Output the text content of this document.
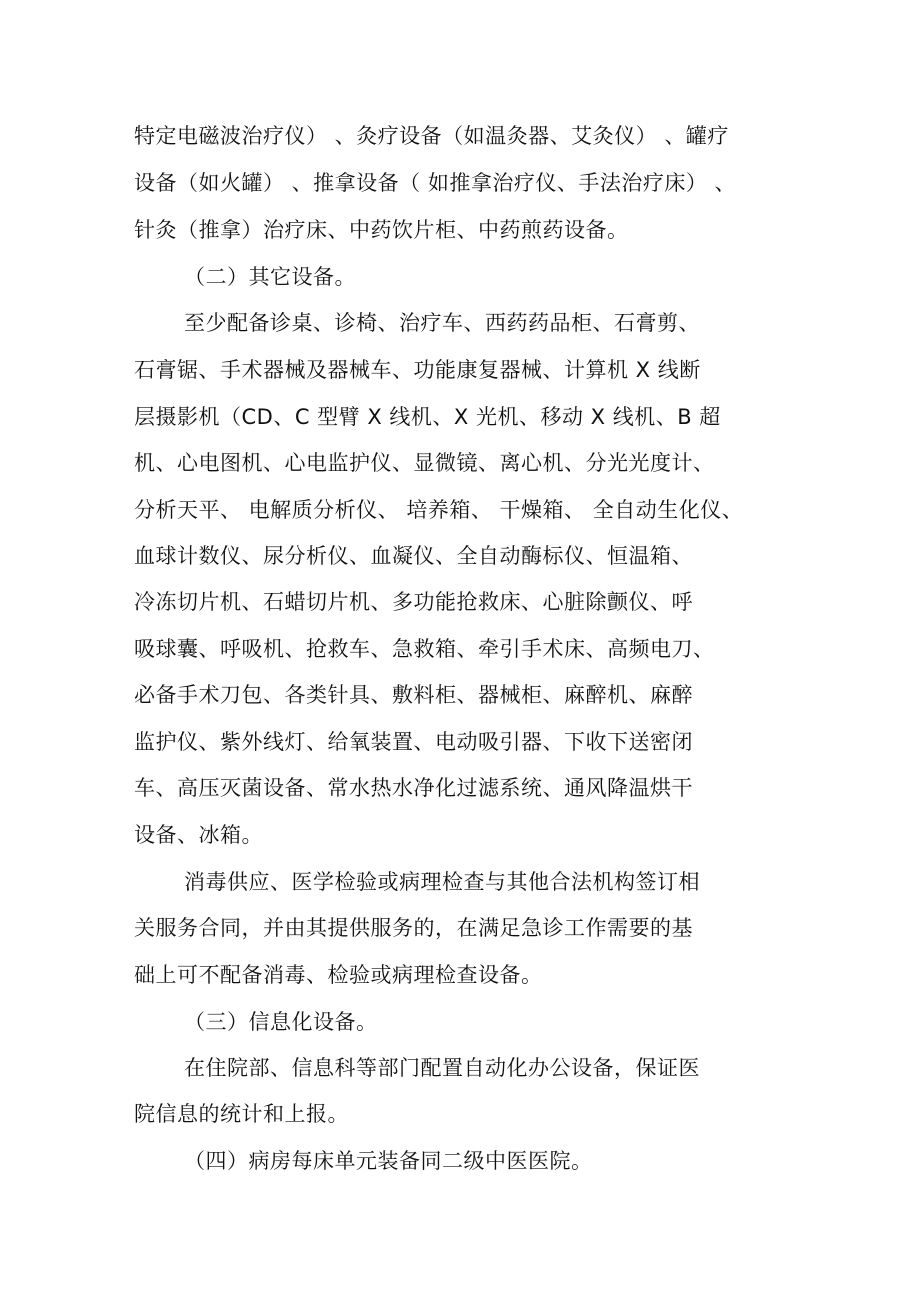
特定电磁波治疗仪） 、灸疗设备（如温灸器、艾灸仪） 、罐疗
设备（如火罐） 、推拿设备（ 如推拿治疗仪、手法治疗床） 、
针灸（推拿）治疗床、中药饮片柜、中药煎药设备。
（二）其它设备。
至少配备诊桌、诊椅、治疗车、西药药品柜、石膏剪、
石膏锯、手术器械及器械车、功能康复器械、计算机 X 线断
层摄影机（CD、C 型臂 X 线机、X 光机、移动 X 线机、B 超
机、心电图机、心电监护仪、显微镜、离心机、分光光度计、
分析天平、 电解质分析仪、 培养箱、 干燥箱、 全自动生化仪、
血球计数仪、尿分析仪、血凝仪、全自动酶标仪、恒温箱、
冷冻切片机、石蜡切片机、多功能抢救床、心脏除颤仪、呼
吸球囊、呼吸机、抢救车、急救箱、牵引手术床、高频电刀、
必备手术刀包、各类针具、敷料柜、器械柜、麻醉机、麻醉
监护仪、紫外线灯、给氧装置、电动吸引器、下收下送密闭
车、高压灭菌设备、常水热水净化过滤系统、通风降温烘干
设备、冰箱。
消毒供应、医学检验或病理检查与其他合法机构签订相
关服务合同，并由其提供服务的，在满足急诊工作需要的基
础上可不配备消毒、检验或病理检查设备。
（三）信息化设备。
在住院部、信息科等部门配置自动化办公设备，保证医
院信息的统计和上报。
（四）病房每床单元装备同二级中医医院。
